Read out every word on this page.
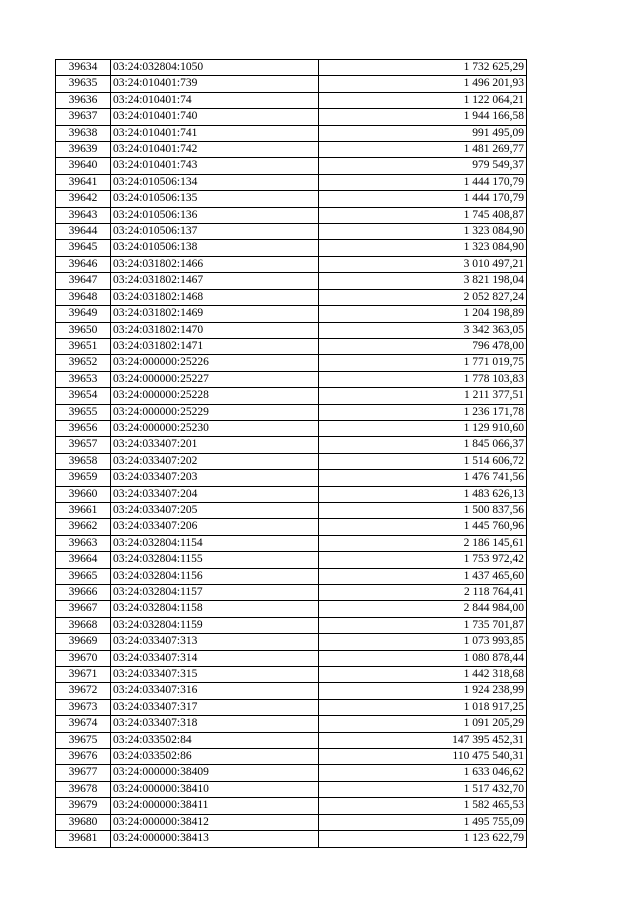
39634	03:24:032804:1050	1 732 625,29
39635	03:24:010401:739	1 496 201,93
39636	03:24:010401:74	1 122 064,21
39637	03:24:010401:740	1 944 166,58
39638	03:24:010401:741	991 495,09
39639	03:24:010401:742	1 481 269,77
39640	03:24:010401:743	979 549,37
39641	03:24:010506:134	1 444 170,79
39642	03:24:010506:135	1 444 170,79
39643	03:24:010506:136	1 745 408,87
39644	03:24:010506:137	1 323 084,90
39645	03:24:010506:138	1 323 084,90
39646	03:24:031802:1466	3 010 497,21
39647	03:24:031802:1467	3 821 198,04
39648	03:24:031802:1468	2 052 827,24
39649	03:24:031802:1469	1 204 198,89
39650	03:24:031802:1470	3 342 363,05
39651	03:24:031802:1471	796 478,00
39652	03:24:000000:25226	1 771 019,75
39653	03:24:000000:25227	1 778 103,83
39654	03:24:000000:25228	1 211 377,51
39655	03:24:000000:25229	1 236 171,78
39656	03:24:000000:25230	1 129 910,60
39657	03:24:033407:201	1 845 066,37
39658	03:24:033407:202	1 514 606,72
39659	03:24:033407:203	1 476 741,56
39660	03:24:033407:204	1 483 626,13
39661	03:24:033407:205	1 500 837,56
39662	03:24:033407:206	1 445 760,96
39663	03:24:032804:1154	2 186 145,61
39664	03:24:032804:1155	1 753 972,42
39665	03:24:032804:1156	1 437 465,60
39666	03:24:032804:1157	2 118 764,41
39667	03:24:032804:1158	2 844 984,00
39668	03:24:032804:1159	1 735 701,87
39669	03:24:033407:313	1 073 993,85
39670	03:24:033407:314	1 080 878,44
39671	03:24:033407:315	1 442 318,68
39672	03:24:033407:316	1 924 238,99
39673	03:24:033407:317	1 018 917,25
39674	03:24:033407:318	1 091 205,29
39675	03:24:033502:84	147 395 452,31
39676	03:24:033502:86	110 475 540,31
39677	03:24:000000:38409	1 633 046,62
39678	03:24:000000:38410	1 517 432,70
39679	03:24:000000:38411	1 582 465,53
39680	03:24:000000:38412	1 495 755,09
39681	03:24:000000:38413	1 123 622,79
